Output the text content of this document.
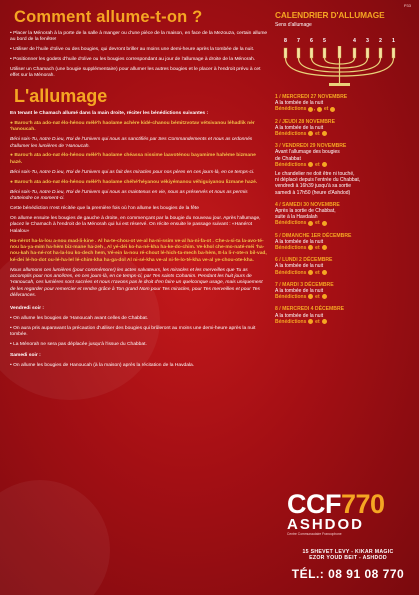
P33
Comment allume-t-on ?
• Placer la Ménorah à la porte de la salle à manger ou d'une pièce de la maison, en face de la Mezouza, certain allume au bord de la fenêtre!
• Utiliser de l'huile d'olive ou des bougies, qui devront briller au moins une demi-heure après la tombée de la nuit.
• Positionner les godets d'huile d'olive ou les bougies correspondant au jour de l'allumage à droite de la Ménorah.
Utiliser un Chamach (une bougie supplémentaire) pour allumer les autres bougies et le placer à l'endroit prévu à cet effet sur la Ménorah.
L'allumage
En tenant le Chamach allumé dans la main droite, réciter les bénédictions suivantes :
● Barou'h ata ado-naï élo-hénou mélé'h haolame achère kidé-chanou bémitzvotav vétsivanou léhadlik nèr 'hanoucah.
Béni sois-Tu, notre D.ieu, Roi de l'Univers qui nous as sanctifiés par Ses Commandements et nous as ordonnés d'allumer les lumières de 'Hanoucah.
● Barou'h ata ado-naï élo-hénou mélé'h haolame chéassa nissime laavoténou bayamime hahème bizmane hazé.
Béni sois-Tu, notre D.ieu, Roi de l'Univers qui as fait des miracles pour nos pères en ces jours-là, en ce temps-ci.
● Barou'h ata ado-naï élo-hénou mélé'h haolame chéhé'héyanou vékiyémanou véhiguiyanou lizmane hazé.
Béni sois-Tu, notre D.ieu, Roi de l'Univers qui nous as maintenus en vie, nous as préservés et nous as permis d'atteindre ce moment-ci.
Cette bénédiction n'est récitée que la première fois où l'on allume les bougies de la fête
On allume ensuite les bougies de gauche à droite, en commençant par la bougie du nouveau jour. Après l'allumage, placez le Chamach à l'endroit de la Ménorah qui lui est réservé. On récite ensuite le passage suivant : «Hanérot Halalou»
Ha-nèrot ha-la-lou a-nou mad-li-kine . Al ha-te-chou-ot ve-al ha-ni-ssim ve-al ha-ni-fa-ot . Che-a-si-ta la-avo-té-nou ba-ya-mim ha-hèm biz-mane ha-zeh , Al yé-déi ko-ha-né-kha ha-ke-do-chim. Ve-khol che-mo-naté-méi 'ha-nou-kah ha-né-rot ha-la-lou ko-dech hem, Vé-ein la-nou ré-chout lé-hich-ta-mech ba-hèm, E-la li-r-ote-n bil-vad, ké-dei lé-ho-dot ou-lé-ha-lel lé-chim-kha ha-ga-dol Al ni-sé-kha ve-al ni-fe-lo-té-kha ve-al ye-chou-ote-kha.
Nous allumons ces lumières (pour commémorer) les actes salvateurs, les miracles et les merveilles que Tu as accomplis pour nos ancêtres, en ces jours-là, en ce temps-ci, par Tes saints Cohanim. Pendant les huit jours de 'Hanoucah, ces lumières sont sacrées et nous n'avons pas le droit d'en faire un quelconque usage, mais uniquement de les regarder pour remercier et rendre grâce à Ton grand Nom pour Tes miracles, pour Tes merveilles et pour Tes délivrances.
Vendredi soir :
• On allume les bougies de 'Hanoucah avant celles de Chabbat.
• On aura pris auparavant la précaution d'utiliser des bougies qui brûleront au moins une demi-heure après la nuit tombée.
• La Ménorah ne sera pas déplacée jusqu'à l'issue du Chabbat.
Samedi soir :
• On allume les bougies de Hanoucah (à la maison) après la récitation de la Havdala.
CALENDRIER D'ALLUMAGE
Sens d'allumage
8 7 6 5	4 3 2 1
1 / MERCREDI 27 NOVEMBRE
A la tombée de la nuit
Bénédictions ,  et
2 / JEUDI 28 NOVEMBRE
A la tombée de la nuit
Bénédictions  et
3 / VENDREDI 29 NOVEMBRE
Avant l'allumage des bougies
de Chabbat
Bénédictions  et
Le chandelier ne doit être ni touché,
ni déplacé depuis l'entrée du Chabbat,
vendredi à 16h39 jusqu'à sa sortie
samedi à 17h50 (heure d'Ashdod)
4 / SAMEDI 30 NOVEMBRE
Après la sortie de Chabbat,
suite à la Havdalah
Bénédictions  et
5 / DIMANCHE 1ER DÉCEMBRE
A la tombée de la nuit
Bénédictions  et
6 / LUNDI 2 DÉCEMBRE
A la tombée de la nuit
Bénédictions  et
7 / MARDI 3 DÉCEMBRE
A la tombée de la nuit
Bénédictions  et
8 / MERCREDI 4 DÉCEMBRE
A la tombée de la nuit
Bénédictions  et
CCF770
ASHDOD
Centre Communautaire Francophone
15 SHEVET LEVY - KIKAR MAGIC
EZOR YOUD BEIT - ASHDOD
TÉL.: 08 91 08 770
